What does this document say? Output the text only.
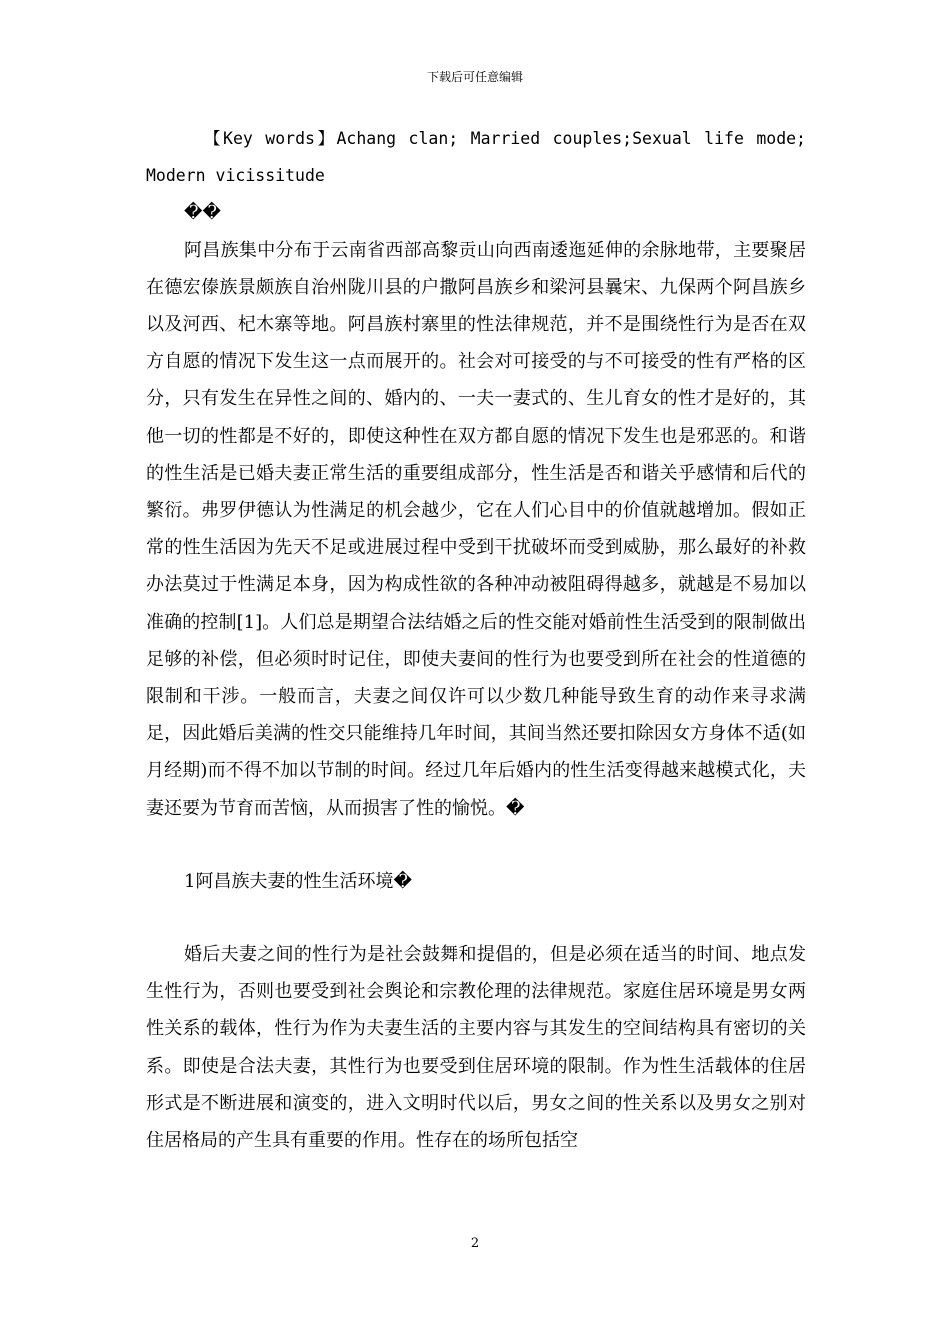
下载后可任意编辑

【Key words】Achang clan; Married couples;Sexual life mode; Modern vicissitude

��

阿昌族集中分布于云南省西部高黎贡山向西南逶迤延伸的余脉地带，主要聚居在德宏傣族景颇族自治州陇川县的户撒阿昌族乡和梁河县曩宋、九保两个阿昌族乡以及河西、杞木寨等地。阿昌族村寨里的性法律规范，并不是围绕性行为是否在双方自愿的情况下发生这一点而展开的。社会对可接受的与不可接受的性有严格的区分，只有发生在异性之间的、婚内的、一夫一妻式的、生儿育女的性才是好的，其他一切的性都是不好的，即使这种性在双方都自愿的情况下发生也是邪恶的。和谐的性生活是已婚夫妻正常生活的重要组成部分，性生活是否和谐关乎感情和后代的繁衍。弗罗伊德认为性满足的机会越少，它在人们心目中的价值就越增加。假如正常的性生活因为先天不足或进展过程中受到干扰破坏而受到威胁，那么最好的补救办法莫过于性满足本身，因为构成性欲的各种冲动被阻碍得越多，就越是不易加以准确的控制[1]。人们总是期望合法结婚之后的性交能对婚前性生活受到的限制做出足够的补偿，但必须时时记住，即使夫妻间的性行为也要受到所在社会的性道德的限制和干涉。一般而言，夫妻之间仅许可以少数几种能导致生育的动作来寻求满足，因此婚后美满的性交只能维持几年时间，其间当然还要扣除因女方身体不适(如月经期)而不得不加以节制的时间。经过几年后婚内的性生活变得越来越模式化，夫妻还要为节育而苦恼，从而损害了性的愉悦。�

1阿昌族夫妻的性生活环境�

婚后夫妻之间的性行为是社会鼓舞和提倡的，但是必须在适当的时间、地点发生性行为，否则也要受到社会舆论和宗教伦理的法律规范。家庭住居环境是男女两性关系的载体，性行为作为夫妻生活的主要内容与其发生的空间结构具有密切的关系。即使是合法夫妻，其性行为也要受到住居环境的限制。作为性生活载体的住居形式是不断进展和演变的，进入文明时代以后，男女之间的性关系以及男女之别对住居格局的产生具有重要的作用。性存在的场所包括空

2
